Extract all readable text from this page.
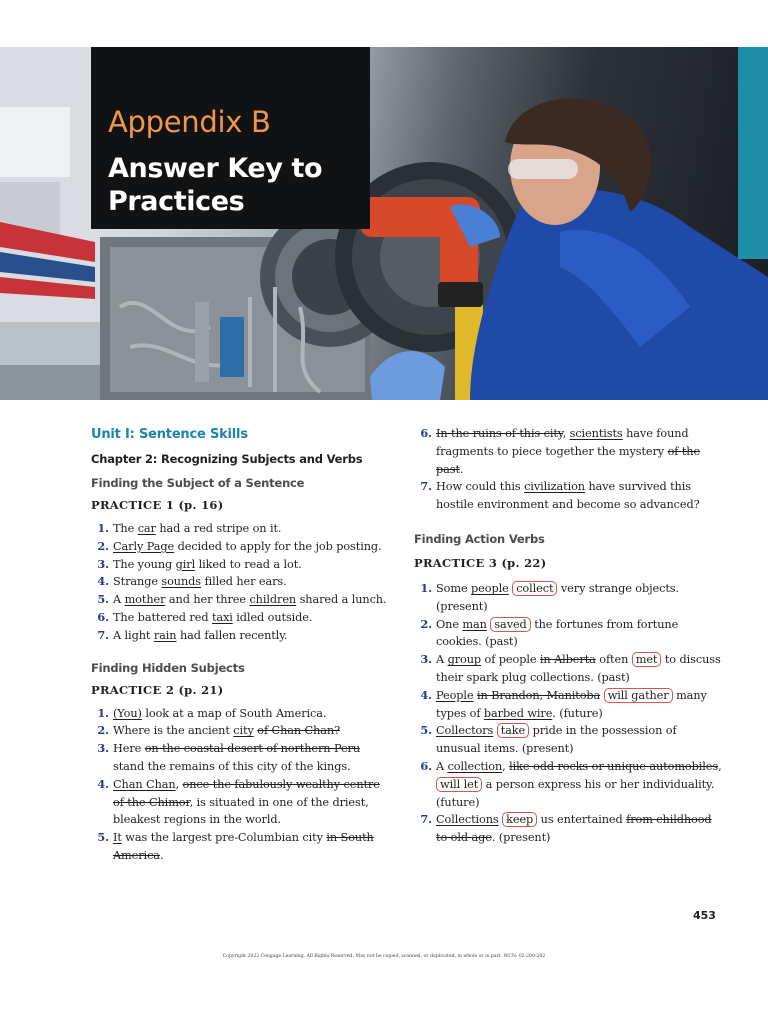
Appendix B
Answer Key to Practices
Unit I: Sentence Skills
Chapter 2: Recognizing Subjects and Verbs
Finding the Subject of a Sentence
PRACTICE 1 (p. 16)
1. The car had a red stripe on it.
2. Carly Page decided to apply for the job posting.
3. The young girl liked to read a lot.
4. Strange sounds filled her ears.
5. A mother and her three children shared a lunch.
6. The battered red taxi idled outside.
7. A light rain had fallen recently.
Finding Hidden Subjects
PRACTICE 2 (p. 21)
1. (You) look at a map of South America.
2. Where is the ancient city of Chan Chan?
3. Here on the coastal desert of northern Peru stand the remains of this city of the kings.
4. Chan Chan, once the fabulously wealthy centre of the Chimor, is situated in one of the driest, bleakest regions in the world.
5. It was the largest pre-Columbian city in South America.
6. In the ruins of this city, scientists have found fragments to piece together the mystery of the past.
7. How could this civilization have survived this hostile environment and become so advanced?
Finding Action Verbs
PRACTICE 3 (p. 22)
1. Some people collect very strange objects. (present)
2. One man saved the fortunes from fortune cookies. (past)
3. A group of people in Alberta often met to discuss their spark plug collections. (past)
4. People in Brandon, Manitoba will gather many types of barbed wire. (future)
5. Collectors take pride in the possession of unusual items. (present)
6. A collection, like odd rocks or unique automobiles, will let a person express his or her individuality. (future)
7. Collections keep us entertained from childhood to old age. (present)
453
Copyright 2022 Cengage Learning. All Rights Reserved. May not be copied, scanned, or duplicated, in whole or in part. WCN: 02-200-202
